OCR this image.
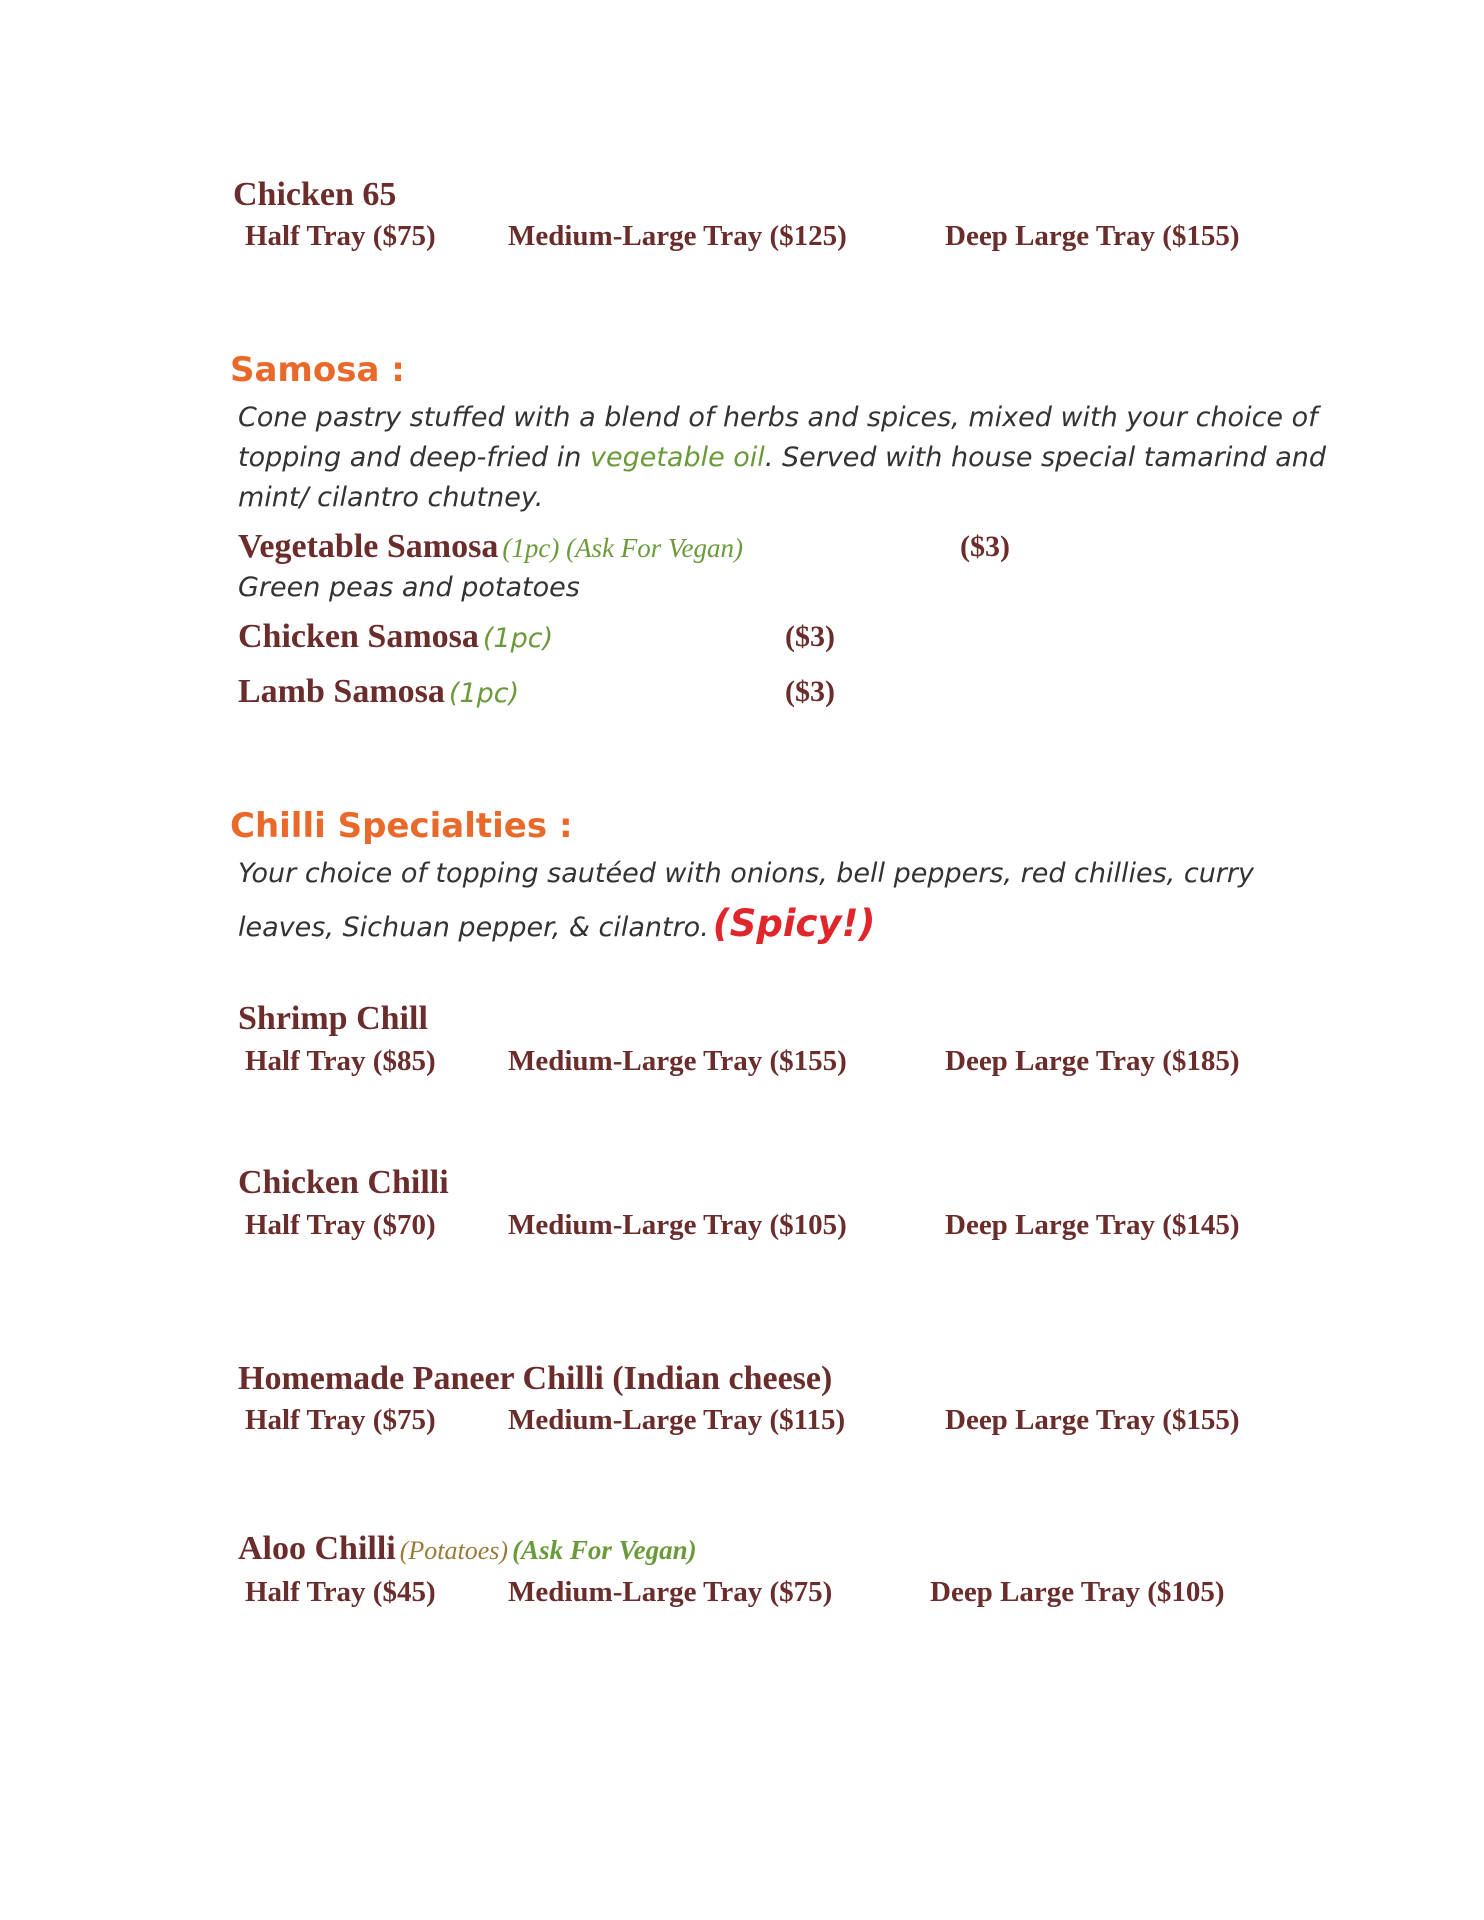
Chicken 65
Half Tray ($75) Medium-Large Tray ($125)	Deep Large Tray ($155)
Samosa :
Cone pastry stuffed with a blend of herbs and spices, mixed with your choice of
topping and deep-fried in vegetable oil. Served with house special tamarind and
mint/ cilantro chutney.
Vegetable Samosa (1pc) (Ask For Vegan)	($3)
Green peas and potatoes
Chicken Samosa (1pc)	($3)
Lamb Samosa (1pc)	($3)
Chilli Specialties :
Your choice of topping sautéed with onions, bell peppers, red chillies, curry
leaves, Sichuan pepper, & cilantro. (Spicy!)
Shrimp Chill
Half Tray ($85) Medium-Large Tray ($155)	Deep Large Tray ($185)
Chicken Chilli
Half Tray ($70) Medium-Large Tray ($105)	Deep Large Tray ($145)
Homemade Paneer Chilli (Indian cheese)
Half Tray ($75) Medium-Large Tray ($115)	Deep Large Tray ($155)
Aloo Chilli (Potatoes) (Ask For Vegan)
Half Tray ($45) Medium-Large Tray ($75)	Deep Large Tray ($105)
